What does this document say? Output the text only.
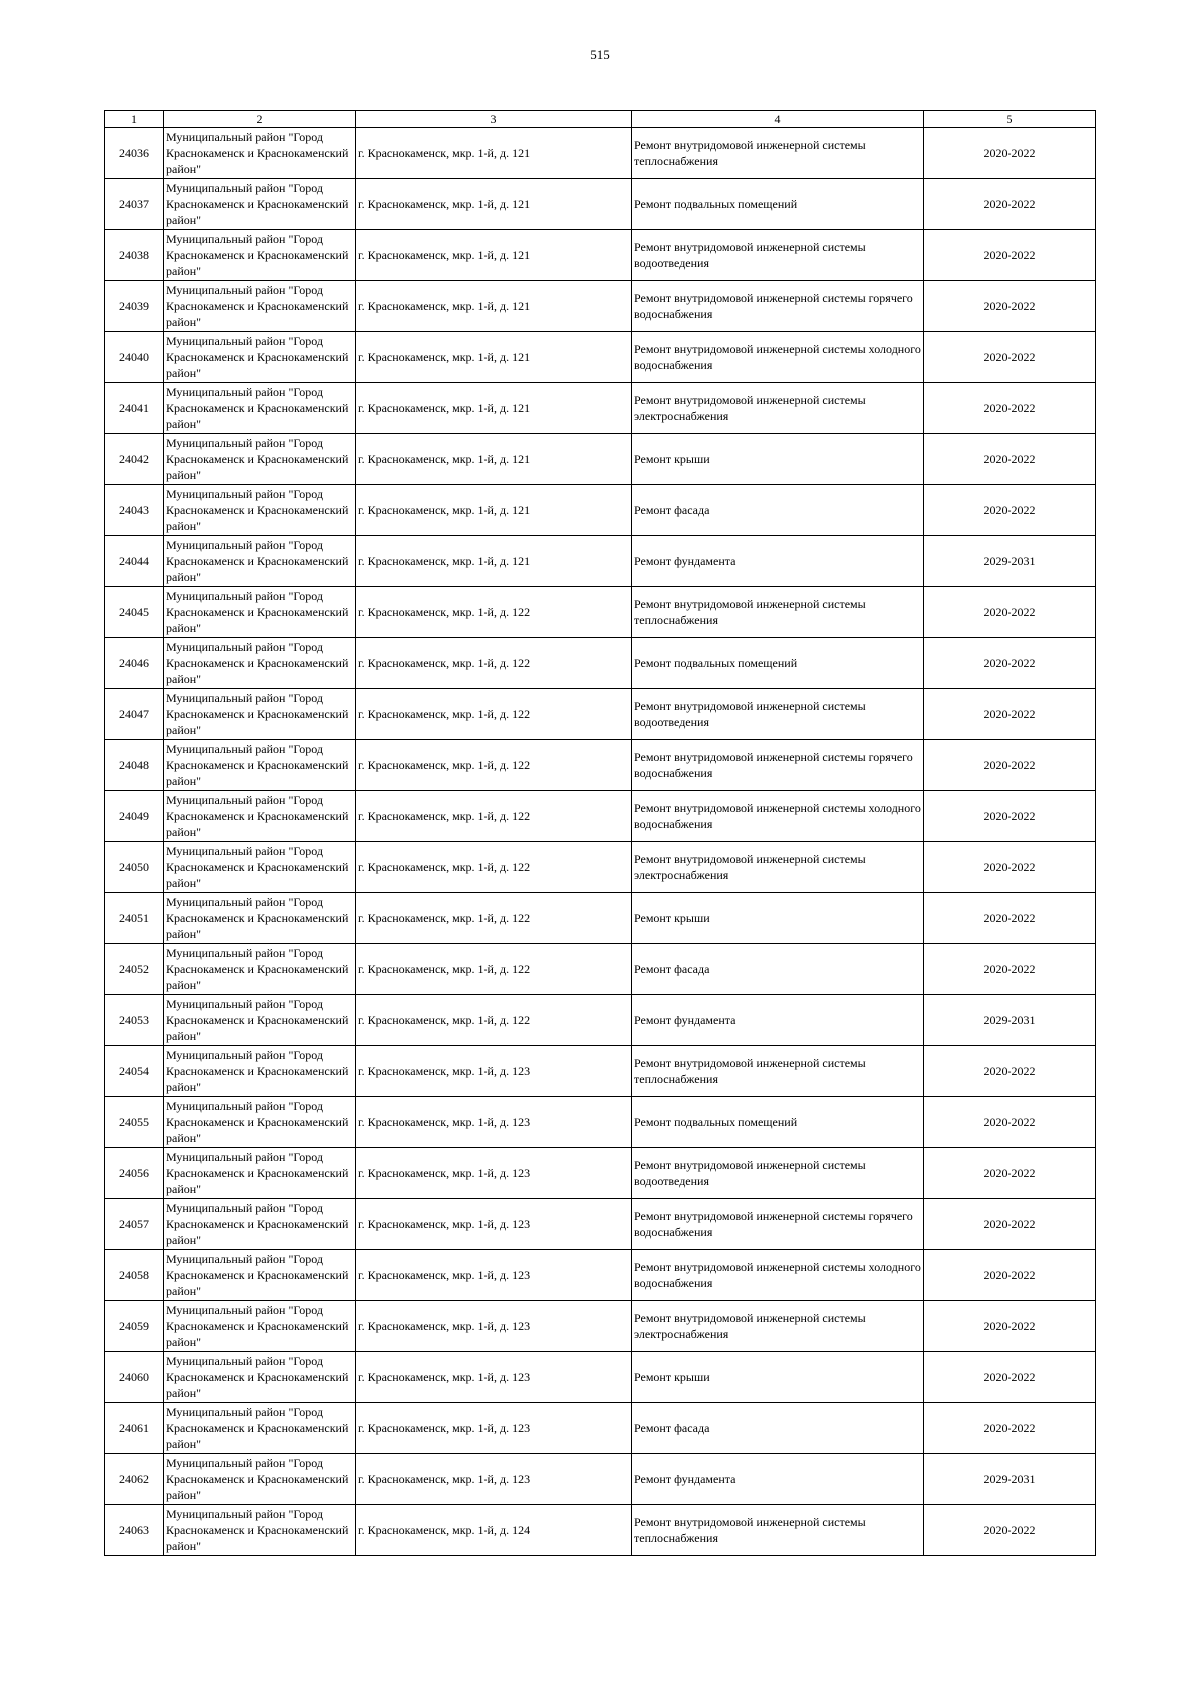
515
1	2	3	4	5
24036	Муниципальный район "Город Краснокаменск и Краснокаменский район"	г. Краснокаменск, мкр. 1-й, д. 121	Ремонт внутридомовой инженерной системы теплоснабжения	2020-2022
24037	Муниципальный район "Город Краснокаменск и Краснокаменский район"	г. Краснокаменск, мкр. 1-й, д. 121	Ремонт подвальных помещений	2020-2022
24038	Муниципальный район "Город Краснокаменск и Краснокаменский район"	г. Краснокаменск, мкр. 1-й, д. 121	Ремонт внутридомовой инженерной системы водоотведения	2020-2022
24039	Муниципальный район "Город Краснокаменск и Краснокаменский район"	г. Краснокаменск, мкр. 1-й, д. 121	Ремонт внутридомовой инженерной системы горячего водоснабжения	2020-2022
24040	Муниципальный район "Город Краснокаменск и Краснокаменский район"	г. Краснокаменск, мкр. 1-й, д. 121	Ремонт внутридомовой инженерной системы холодного водоснабжения	2020-2022
24041	Муниципальный район "Город Краснокаменск и Краснокаменский район"	г. Краснокаменск, мкр. 1-й, д. 121	Ремонт внутридомовой инженерной системы электроснабжения	2020-2022
24042	Муниципальный район "Город Краснокаменск и Краснокаменский район"	г. Краснокаменск, мкр. 1-й, д. 121	Ремонт крыши	2020-2022
24043	Муниципальный район "Город Краснокаменск и Краснокаменский район"	г. Краснокаменск, мкр. 1-й, д. 121	Ремонт фасада	2020-2022
24044	Муниципальный район "Город Краснокаменск и Краснокаменский район"	г. Краснокаменск, мкр. 1-й, д. 121	Ремонт фундамента	2029-2031
24045	Муниципальный район "Город Краснокаменск и Краснокаменский район"	г. Краснокаменск, мкр. 1-й, д. 122	Ремонт внутридомовой инженерной системы теплоснабжения	2020-2022
24046	Муниципальный район "Город Краснокаменск и Краснокаменский район"	г. Краснокаменск, мкр. 1-й, д. 122	Ремонт подвальных помещений	2020-2022
24047	Муниципальный район "Город Краснокаменск и Краснокаменский район"	г. Краснокаменск, мкр. 1-й, д. 122	Ремонт внутридомовой инженерной системы водоотведения	2020-2022
24048	Муниципальный район "Город Краснокаменск и Краснокаменский район"	г. Краснокаменск, мкр. 1-й, д. 122	Ремонт внутридомовой инженерной системы горячего водоснабжения	2020-2022
24049	Муниципальный район "Город Краснокаменск и Краснокаменский район"	г. Краснокаменск, мкр. 1-й, д. 122	Ремонт внутридомовой инженерной системы холодного водоснабжения	2020-2022
24050	Муниципальный район "Город Краснокаменск и Краснокаменский район"	г. Краснокаменск, мкр. 1-й, д. 122	Ремонт внутридомовой инженерной системы электроснабжения	2020-2022
24051	Муниципальный район "Город Краснокаменск и Краснокаменский район"	г. Краснокаменск, мкр. 1-й, д. 122	Ремонт крыши	2020-2022
24052	Муниципальный район "Город Краснокаменск и Краснокаменский район"	г. Краснокаменск, мкр. 1-й, д. 122	Ремонт фасада	2020-2022
24053	Муниципальный район "Город Краснокаменск и Краснокаменский район"	г. Краснокаменск, мкр. 1-й, д. 122	Ремонт фундамента	2029-2031
24054	Муниципальный район "Город Краснокаменск и Краснокаменский район"	г. Краснокаменск, мкр. 1-й, д. 123	Ремонт внутридомовой инженерной системы теплоснабжения	2020-2022
24055	Муниципальный район "Город Краснокаменск и Краснокаменский район"	г. Краснокаменск, мкр. 1-й, д. 123	Ремонт подвальных помещений	2020-2022
24056	Муниципальный район "Город Краснокаменск и Краснокаменский район"	г. Краснокаменск, мкр. 1-й, д. 123	Ремонт внутридомовой инженерной системы водоотведения	2020-2022
24057	Муниципальный район "Город Краснокаменск и Краснокаменский район"	г. Краснокаменск, мкр. 1-й, д. 123	Ремонт внутридомовой инженерной системы горячего водоснабжения	2020-2022
24058	Муниципальный район "Город Краснокаменск и Краснокаменский район"	г. Краснокаменск, мкр. 1-й, д. 123	Ремонт внутридомовой инженерной системы холодного водоснабжения	2020-2022
24059	Муниципальный район "Город Краснокаменск и Краснокаменский район"	г. Краснокаменск, мкр. 1-й, д. 123	Ремонт внутридомовой инженерной системы электроснабжения	2020-2022
24060	Муниципальный район "Город Краснокаменск и Краснокаменский район"	г. Краснокаменск, мкр. 1-й, д. 123	Ремонт крыши	2020-2022
24061	Муниципальный район "Город Краснокаменск и Краснокаменский район"	г. Краснокаменск, мкр. 1-й, д. 123	Ремонт фасада	2020-2022
24062	Муниципальный район "Город Краснокаменск и Краснокаменский район"	г. Краснокаменск, мкр. 1-й, д. 123	Ремонт фундамента	2029-2031
24063	Муниципальный район "Город Краснокаменск и Краснокаменский район"	г. Краснокаменск, мкр. 1-й, д. 124	Ремонт внутридомовой инженерной системы теплоснабжения	2020-2022
